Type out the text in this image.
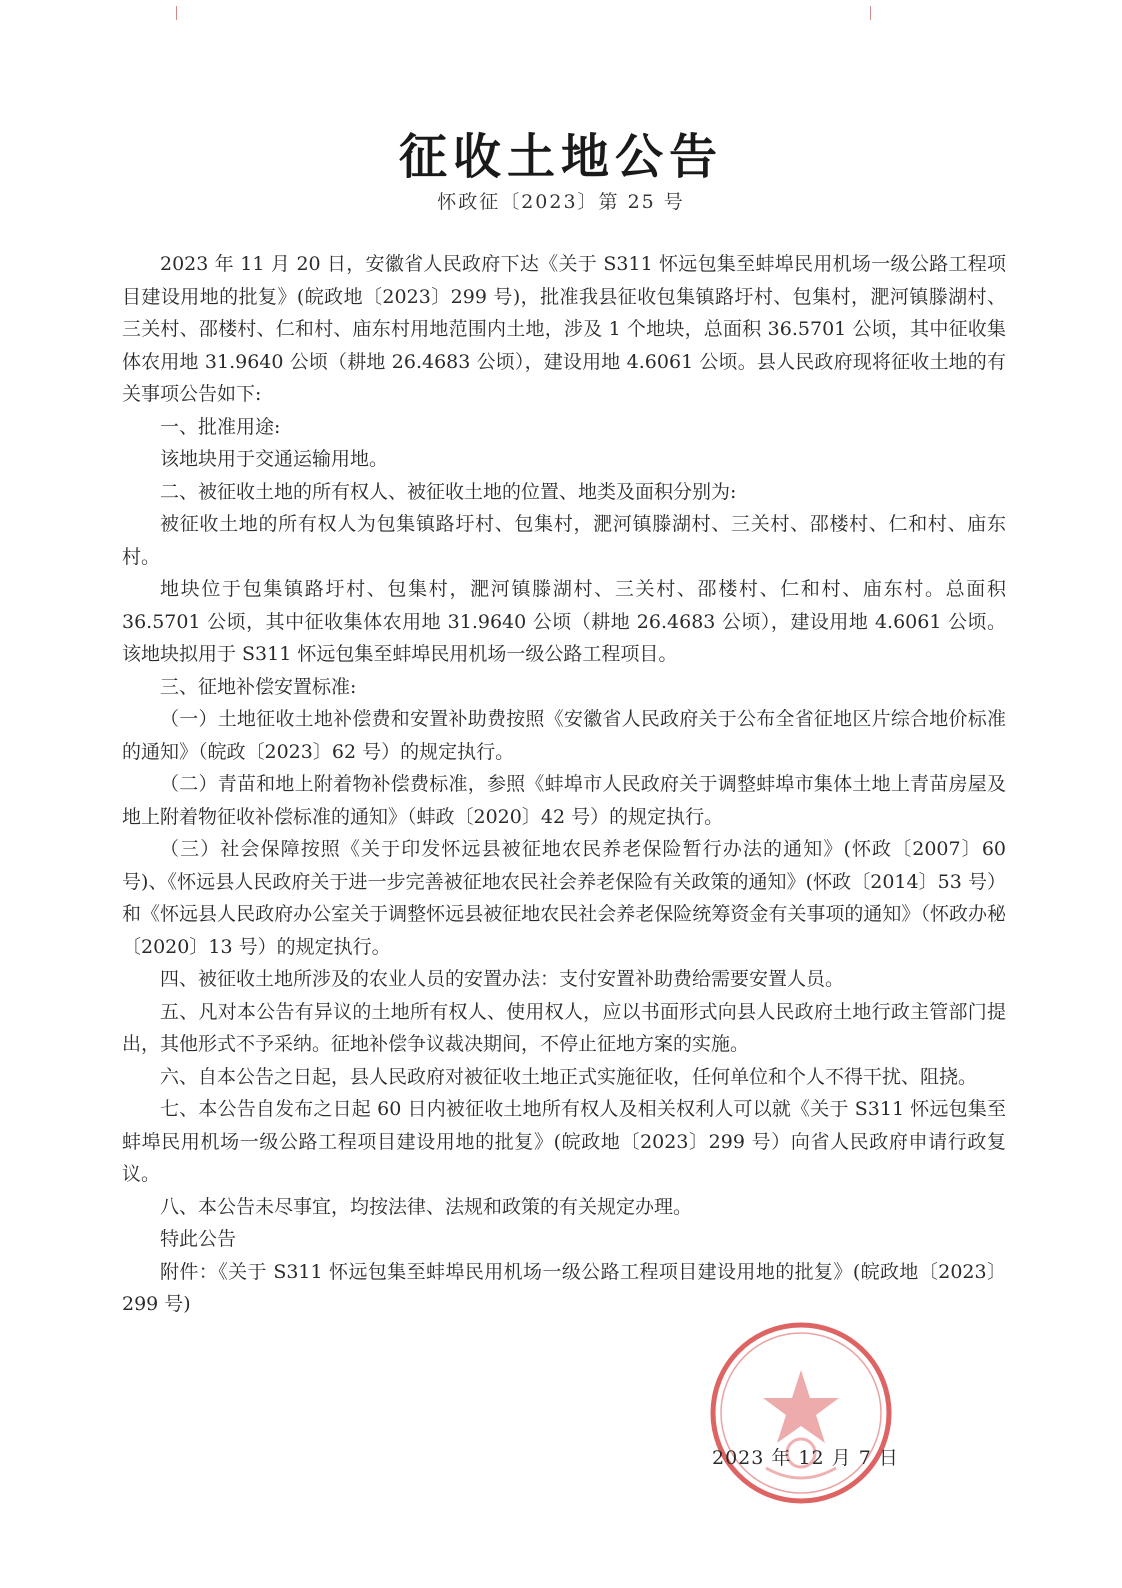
征收土地公告
怀政征〔2023〕第 25 号

2023 年 11 月 20 日，安徽省人民政府下达《关于 S311 怀远包集至蚌埠民用机场一级公路工程项目建设用地的批复》(皖政地〔2023〕299 号)，批准我县征收包集镇路圩村、包集村，淝河镇滕湖村、三关村、邵楼村、仁和村、庙东村用地范围内土地，涉及 1 个地块，总面积 36.5701 公顷，其中征收集体农用地 31.9640 公顷（耕地 26.4683 公顷），建设用地 4.6061 公顷。县人民政府现将征收土地的有关事项公告如下:

一、批准用途:

该地块用于交通运输用地。

二、被征收土地的所有权人、被征收土地的位置、地类及面积分别为:

被征收土地的所有权人为包集镇路圩村、包集村，淝河镇滕湖村、三关村、邵楼村、仁和村、庙东村。

地块位于包集镇路圩村、包集村，淝河镇滕湖村、三关村、邵楼村、仁和村、庙东村。总面积 36.5701 公顷，其中征收集体农用地 31.9640 公顷（耕地 26.4683 公顷），建设用地 4.6061 公顷。该地块拟用于 S311 怀远包集至蚌埠民用机场一级公路工程项目。

三、征地补偿安置标准:

（一）土地征收土地补偿费和安置补助费按照《安徽省人民政府关于公布全省征地区片综合地价标准的通知》（皖政〔2023〕62 号）的规定执行。

（二）青苗和地上附着物补偿费标准，参照《蚌埠市人民政府关于调整蚌埠市集体土地上青苗房屋及地上附着物征收补偿标准的通知》（蚌政〔2020〕42 号）的规定执行。

（三）社会保障按照《关于印发怀远县被征地农民养老保险暂行办法的通知》(怀政〔2007〕60 号)、《怀远县人民政府关于进一步完善被征地农民社会养老保险有关政策的通知》(怀政〔2014〕53 号）和《怀远县人民政府办公室关于调整怀远县被征地农民社会养老保险统筹资金有关事项的通知》（怀政办秘〔2020〕13 号）的规定执行。

四、被征收土地所涉及的农业人员的安置办法：支付安置补助费给需要安置人员。

五、凡对本公告有异议的土地所有权人、使用权人，应以书面形式向县人民政府土地行政主管部门提出，其他形式不予采纳。征地补偿争议裁决期间，不停止征地方案的实施。

六、自本公告之日起，县人民政府对被征收土地正式实施征收，任何单位和个人不得干扰、阻挠。

七、本公告自发布之日起 60 日内被征收土地所有权人及相关权利人可以就《关于 S311 怀远包集至蚌埠民用机场一级公路工程项目建设用地的批复》(皖政地〔2023〕299 号）向省人民政府申请行政复议。

八、本公告未尽事宜，均按法律、法规和政策的有关规定办理。

特此公告

附件：《关于 S311 怀远包集至蚌埠民用机场一级公路工程项目建设用地的批复》(皖政地〔2023〕299 号)

2023 年 12 月 7 日
